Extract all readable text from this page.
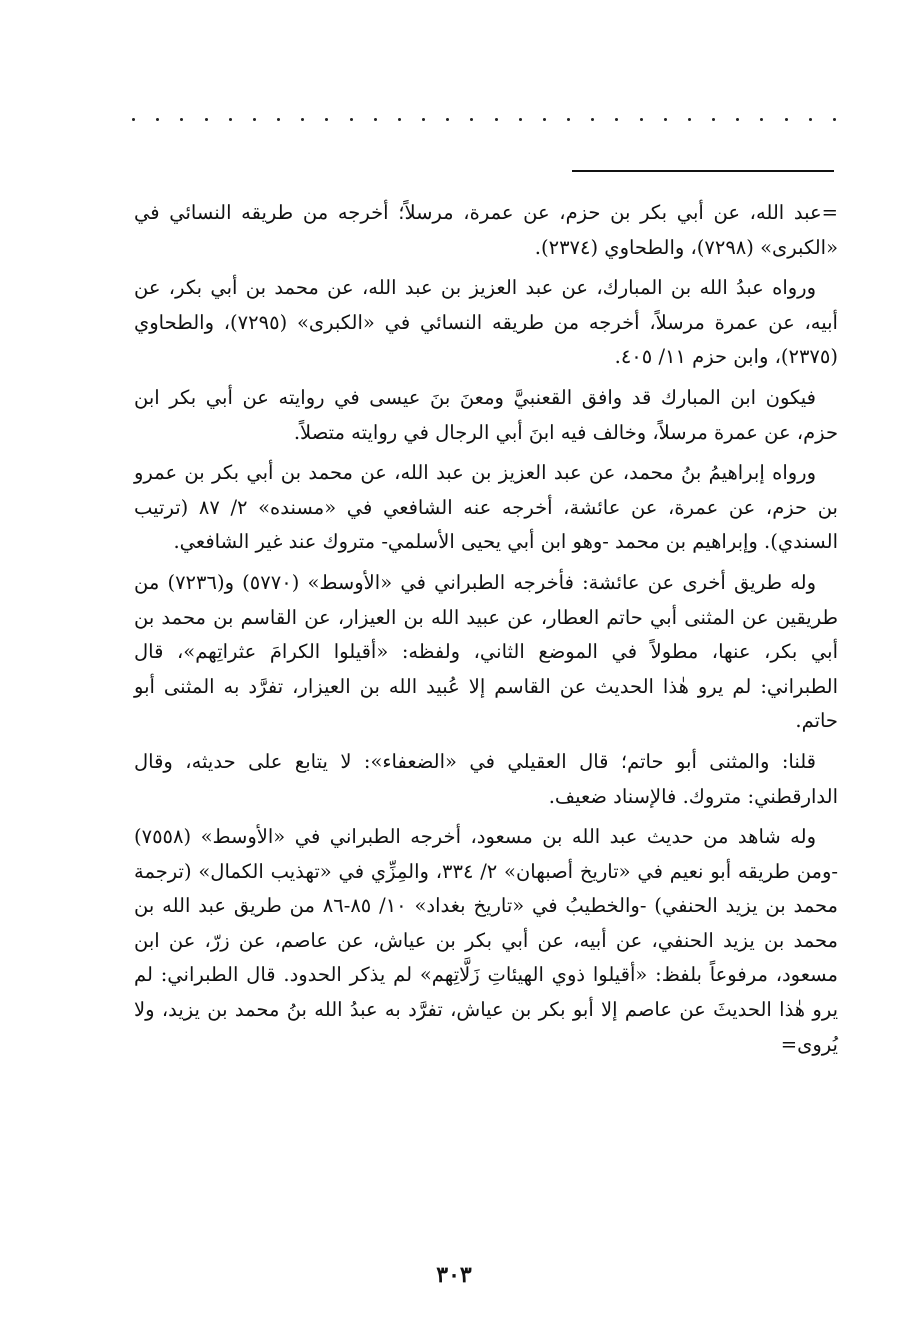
=عبد الله، عن أبي بكر بن حزم، عن عمرة، مرسلاً؛ أخرجه من طريقه النسائي في «الكبرى» (٧٢٩٨)، والطحاوي (٢٣٧٤).

ورواه عبدُ الله بن المبارك، عن عبد العزيز بن عبد الله، عن محمد بن أبي بكر، عن أبيه، عن عمرة مرسلاً، أخرجه من طريقه النسائي في «الكبرى» (٧٢٩٥)، والطحاوي (٢٣٧٥)، وابن حزم ١١/ ٤٠٥.

فيكون ابن المبارك قد وافق القعنبيَّ ومعنَ بنَ عيسى في روايته عن أبي بكر ابن حزم، عن عمرة مرسلاً، وخالف فيه ابنَ أبي الرجال في روايته متصلاً.

ورواه إبراهيمُ بنُ محمد، عن عبد العزيز بن عبد الله، عن محمد بن أبي بكر بن عمرو بن حزم، عن عمرة، عن عائشة، أخرجه عنه الشافعي في «مسنده» ٢/ ٨٧ (ترتيب السندي). وإبراهيم بن محمد -وهو ابن أبي يحيى الأسلمي- متروك عند غير الشافعي.

وله طريق أخرى عن عائشة: فأخرجه الطبراني في «الأوسط» (٥٧٧٠) و(٧٢٣٦) من طريقين عن المثنى أبي حاتم العطار، عن عبيد الله بن العيزار، عن القاسم بن محمد بن أبي بكر، عنها، مطولاً في الموضع الثاني، ولفظه: «أقيلوا الكرامَ عثراتِهم»، قال الطبراني: لم يرو هٰذا الحديث عن القاسم إلا عُبيد الله بن العيزار، تفرَّد به المثنى أبو حاتم.

قلنا: والمثنى أبو حاتم؛ قال العقيلي في «الضعفاء»: لا يتابع على حديثه، وقال الدارقطني: متروك. فالإسناد ضعيف.

وله شاهد من حديث عبد الله بن مسعود، أخرجه الطبراني في «الأوسط» (٧٥٥٨) -ومن طريقه أبو نعيم في «تاريخ أصبهان» ٢/ ٣٣٤، والمِزِّي في «تهذيب الكمال» (ترجمة محمد بن يزيد الحنفي) -والخطيبُ في «تاريخ بغداد» ١٠/ ٨٥-٨٦ من طريق عبد الله بن محمد بن يزيد الحنفي، عن أبيه، عن أبي بكر بن عياش، عن عاصم، عن زرّ، عن ابن مسعود، مرفوعاً بلفظ: «أقيلوا ذوي الهيئاتِ زَلَّاتِهم» لم يذكر الحدود. قال الطبراني: لم يرو هٰذا الحديثَ عن عاصم إلا أبو بكر بن عياش، تفرَّد به عبدُ الله بنُ محمد بن يزيد، ولا يُروى=

٣٠٣
